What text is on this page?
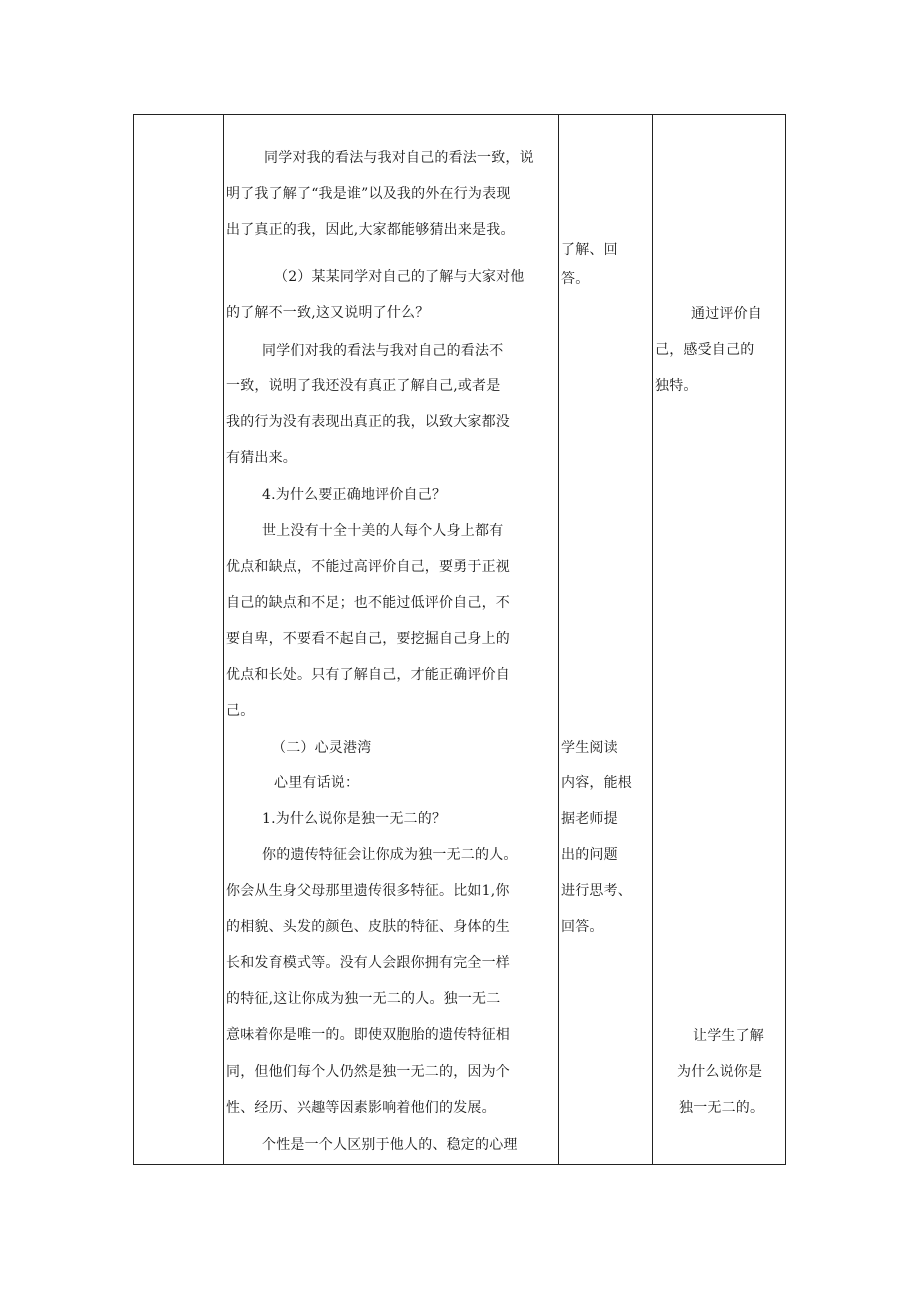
同学对我的看法与我对自己的看法一致，说
明了我了解了“我是谁”以及我的外在行为表现
出了真正的我，因此,大家都能够猜出来是我。
（2）某某同学对自己的了解与大家对他
的了解不一致,这又说明了什么？
同学们对我的看法与我对自己的看法不
一致，说明了我还没有真正了解自己,或者是
我的行为没有表现出真正的我，以致大家都没
有猜出来。
4.为什么要正确地评价自己？
世上没有十全十美的人每个人身上都有
优点和缺点，不能过高评价自己，要勇于正视
自己的缺点和不足；也不能过低评价自己，不
要自卑，不要看不起自己，要挖掘自己身上的
优点和长处。只有了解自己，才能正确评价自
己。
（二）心灵港湾
心里有话说：
1.为什么说你是独一无二的？
你的遗传特征会让你成为独一无二的人。
你会从生身父母那里遗传很多特征。比如1,你
的相貌、头发的颜色、皮肤的特征、身体的生
长和发育模式等。没有人会跟你拥有完全一样
的特征,这让你成为独一无二的人。独一无二
意味着你是唯一的。即使双胞胎的遗传特征相
同，但他们每个人仍然是独一无二的，因为个
性、经历、兴趣等因素影响着他们的发展。
个性是一个人区别于他人的、稳定的心理
了解、回
答。
学生阅读
内容，能根
据老师提
出的问题
进行思考、
回答。
通过评价自
己，感受自己的
独特。
让学生了解
为什么说你是
独一无二的。
